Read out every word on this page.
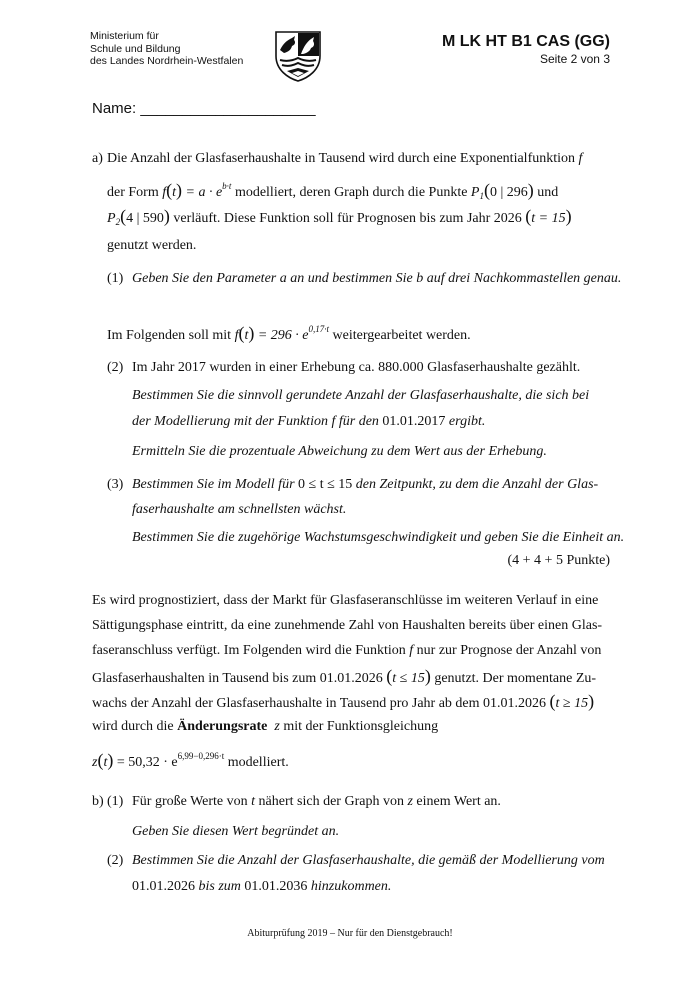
Ministerium für
Schule und Bildung
des Landes Nordrhein-Westfalen
M LK HT B1 CAS (GG)
Seite 2 von 3
Name: _____________________
a) Die Anzahl der Glasfaserhaushalte in Tausend wird durch eine Exponentialfunktion f
der Form $f(t) = a \cdot e^{b\cdot t}$ modelliert, deren Graph durch die Punkte $P_1(0$ | 296) und
$P_2(4$ | 590) verläuft. Diese Funktion soll für Prognosen bis zum Jahr 2026 (t = 15)
genutzt werden.
(1) Geben Sie den Parameter a an und bestimmen Sie b auf drei Nachkommastellen genau.
Im Folgenden soll mit $f(t) = 296 \cdot e^{0,17\cdot t}$ weitergearbeitet werden.
(2) Im Jahr 2017 wurden in einer Erhebung ca. 880.000 Glasfaserhaushalte gezählt.
Bestimmen Sie die sinnvoll gerundete Anzahl der Glasfaserhaushalte, die sich bei
der Modellierung mit der Funktion f für den 01.01.2017 ergibt.
Ermitteln Sie die prozentuale Abweichung zu dem Wert aus der Erhebung.
(3) Bestimmen Sie im Modell für 0 ≤ t ≤ 15 den Zeitpunkt, zu dem die Anzahl der Glas-
faserhaushalte am schnellsten wächst.
Bestimmen Sie die zugehörige Wachstumsgeschwindigkeit und geben Sie die Einheit an.
(4 + 4 + 5 Punkte)
Es wird prognostiziert, dass der Markt für Glasfaseranschlüsse im weiteren Verlauf in eine
Sättigungsphase eintritt, da eine zunehmende Zahl von Haushalten bereits über einen Glas-
faseranschluss verfügt. Im Folgenden wird die Funktion f nur zur Prognose der Anzahl von
Glasfaserhaushalten in Tausend bis zum 01.01.2026 (t ≤ 15) genutzt. Der momentane Zu-
wachs der Anzahl der Glasfaserhaushalte in Tausend pro Jahr ab dem 01.01.2026 (t ≥ 15)
wird durch die Änderungsrate z mit der Funktionsgleichung
$z(t) = 50,32 \cdot e^{6,99-0,296\cdot t}$ modelliert.
b) (1) Für große Werte von t nähert sich der Graph von z einem Wert an.
Geben Sie diesen Wert begründet an.
(2) Bestimmen Sie die Anzahl der Glasfaserhaushalte, die gemäß der Modellierung vom
01.01.2026 bis zum 01.01.2036 hinzukommen.
Abiturprüfung 2019 – Nur für den Dienstgebrauch!
